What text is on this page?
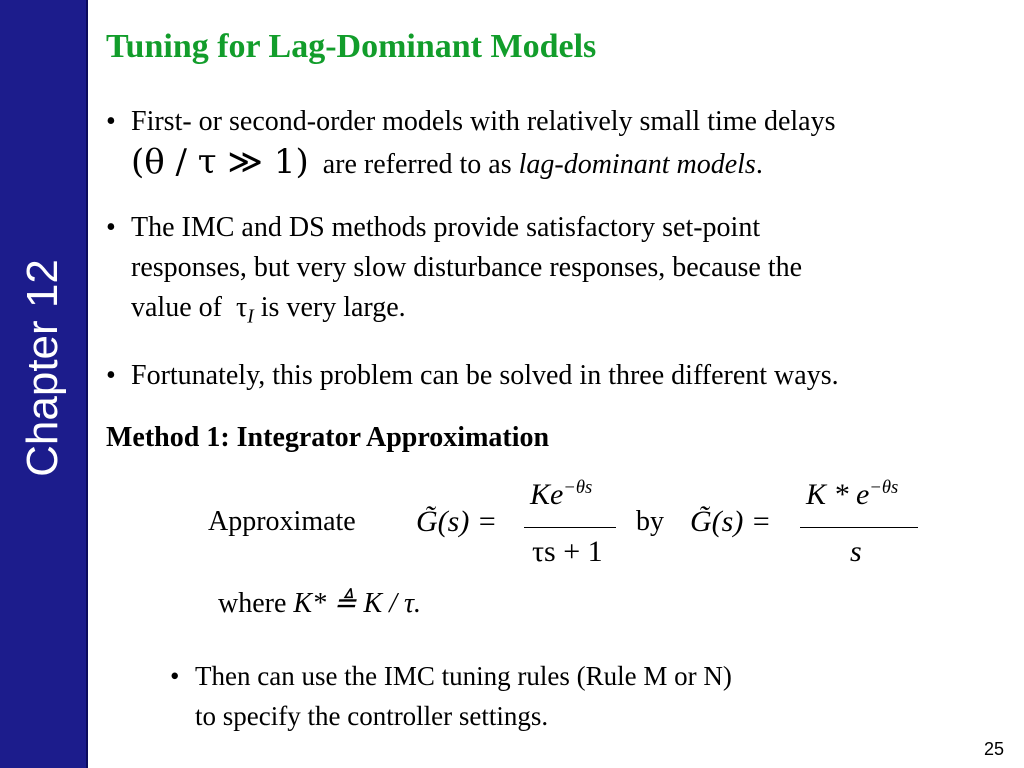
Chapter 12
Tuning for Lag-Dominant Models
• First- or second-order models with relatively small time delays
(θ / τ ≫ 1) are referred to as lag-dominant models.
• The IMC and DS methods provide satisfactory set-point
responses, but very slow disturbance responses, because the
value of $\tau_I$ is very large.
• Fortunately, this problem can be solved in three different ways.
Method 1: Integrator Approximation
Approximate G̃(s) =
$Ke^{-\theta s}$
τs + 1
by G̃(s) =
K * $e^{-\theta s}$
s
where K* ≜ K / τ.
• Then can use the IMC tuning rules (Rule M or N)
to specify the controller settings.
25
